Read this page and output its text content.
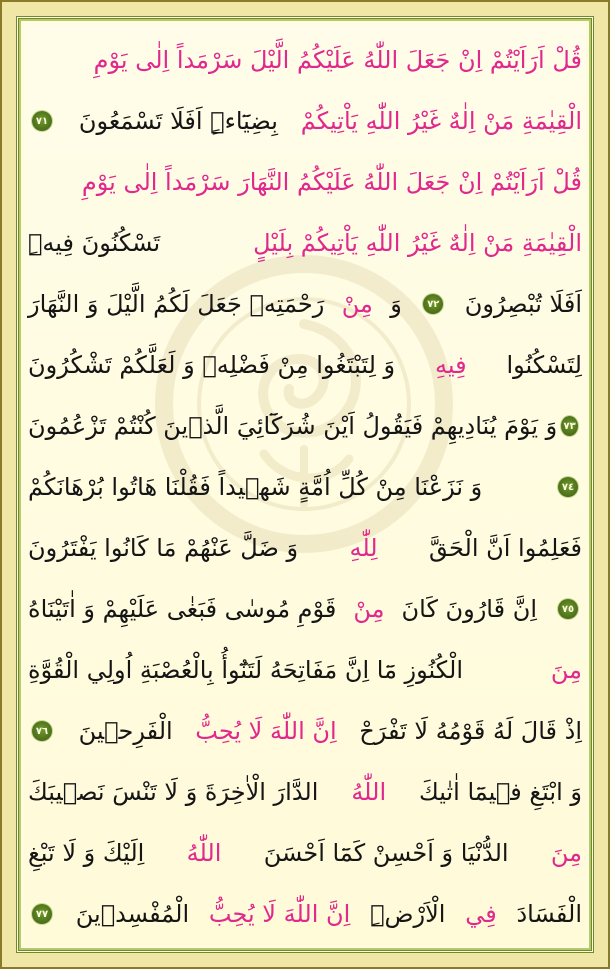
قُلْ اَرَاَيْتُمْ اِنْ جَعَلَ اللّٰهُ عَلَيْكُمُ الَّيْلَ سَرْمَداً اِلٰى يَوْمِ
الْقِيٰمَةِ مَنْ اِلٰهٌ غَيْرُ اللّٰهِ يَاْتِيكُمْ
بِضِيَٓاءٍۜ اَفَلَا تَسْمَعُونَ
٧١
قُلْ اَرَاَيْتُمْ اِنْ جَعَلَ اللّٰهُ عَلَيْكُمُ النَّهَارَ سَرْمَداً اِلٰى يَوْمِ
الْقِيٰمَةِ مَنْ اِلٰهٌ غَيْرُ اللّٰهِ يَاْتِيكُمْ بِلَيْلٍ
تَسْكُنُونَ فِيهِۜ
اَفَلَا تُبْصِرُونَ
٧٢
وَ
مِنْ
رَحْمَتِه۪ جَعَلَ لَكُمُ الَّيْلَ وَ النَّهَارَ
لِتَسْكُنُوا
فِيهِ
وَ لِتَبْتَغُوا مِنْ فَضْلِه۪ وَ لَعَلَّكُمْ تَشْكُرُونَ
٧٣
وَ يَوْمَ يُنَادِيهِمْ فَيَقُولُ اَيْنَ شُرَكَٓائِيَ الَّذ۪ينَ كُنْتُمْ تَزْعُمُونَ
٧٤
وَ نَزَعْنَا مِنْ كُلِّ اُمَّةٍ شَه۪يداً فَقُلْنَا هَاتُوا بُرْهَانَكُمْ
فَعَلِمُوا اَنَّ الْحَقَّ
لِلّٰهِ
وَ ضَلَّ عَنْهُمْ مَا كَانُوا يَفْتَرُونَ
٧٥
اِنَّ قَارُونَ كَانَ
مِنْ
قَوْمِ مُوسٰى فَبَغٰى عَلَيْهِمْ وَ اٰتَيْنَاهُ
مِنَ
الْكُنُوزِ مَٓا اِنَّ مَفَاتِحَهُ لَتَنُٓوأُ بِالْعُصْبَةِ اُولِي الْقُوَّةِ
اِذْ قَالَ لَهُ قَوْمُهُ لَا تَفْرَحْ
اِنَّ اللّٰهَ لَا يُحِبُّ
الْفَرِح۪ينَ
٧٦
وَ ابْتَغِ ف۪يمَٓا اٰتٰيكَ
اللّٰهُ
الدَّارَ الْاٰخِرَةَ وَ لَا تَنْسَ نَص۪يبَكَ
مِنَ
الدُّنْيَا وَ اَحْسِنْ كَمَٓا اَحْسَنَ
اللّٰهُ
اِلَيْكَ وَ لَا تَبْغِ
الْفَسَادَ
فِي
الْاَرْضِۜ
اِنَّ اللّٰهَ لَا يُحِبُّ
الْمُفْسِد۪ينَ
٧٧
